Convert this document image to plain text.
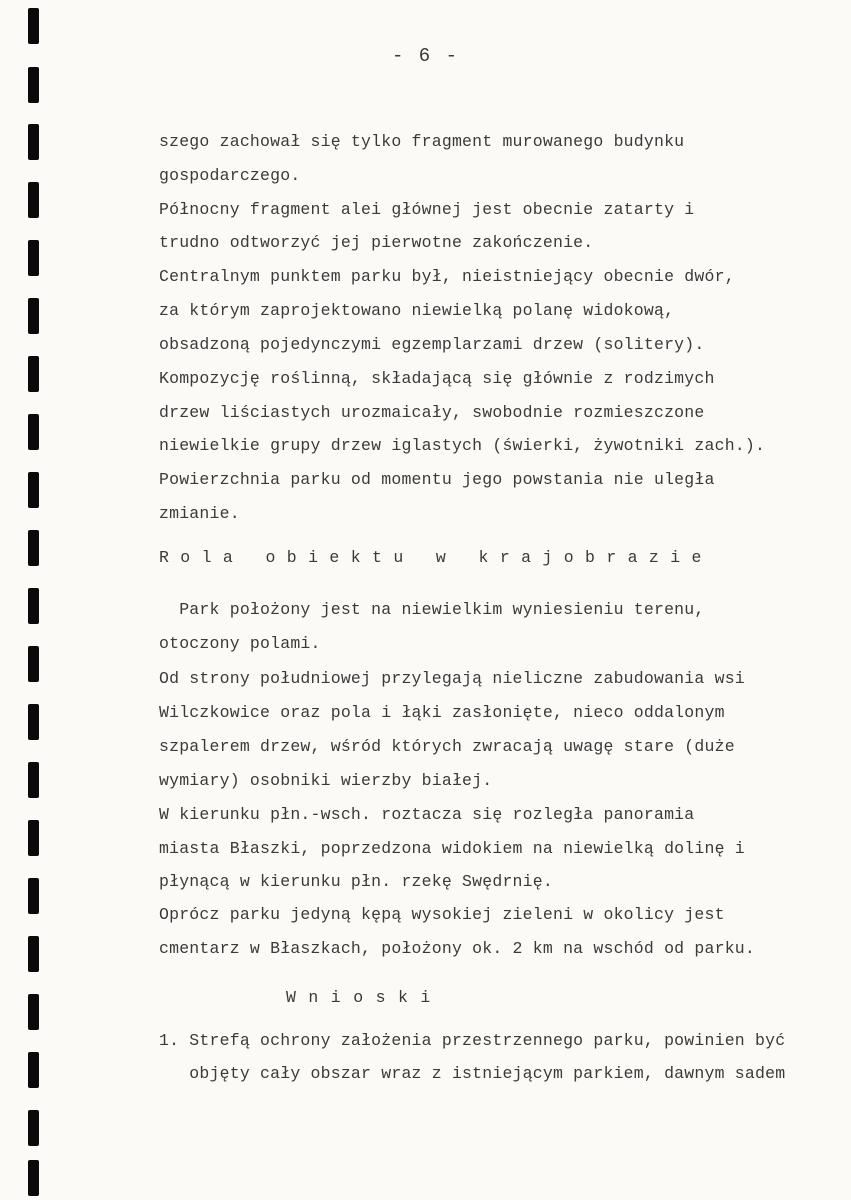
- 6 -
szego zachował się tylko fragment murowanego budynku
gospodarczego.
Północny fragment alei głównej jest obecnie zatarty i
trudno odtworzyć jej pierwotne zakończenie.
Centralnym punktem parku był, nieistniejący obecnie dwór,
za którym zaprojektowano niewielką polanę widokową,
obsadzoną pojedynczymi egzemplarzami drzew (solitery).
Kompozycję roślinną, składającą się głównie z rodzimych
drzew liściastych urozmaicały, swobodnie rozmieszczone
niewielkie grupy drzew iglastych (świerki, żywotniki zach.).
Powierzchnia parku od momentu jego powstania nie uległa
zmianie.
Rola obiektu w krajobrazie
Park położony jest na niewielkim wyniesieniu terenu,
otoczony polami.
Od strony południowej przylegają nieliczne zabudowania wsi
Wilczkowice oraz pola i łąki zasłonięte, nieco oddalonym
szpalerem drzew, wśród których zwracają uwagę stare (duże
wymiary) osobniki wierzby białej.
W kierunku płn.-wsch. roztacza się rozległa panoramia
miasta Błaszki, poprzedzona widokiem na niewielką dolinę i
płynącą w kierunku płn. rzekę Swędrnię.
Oprócz parku jedyną kępą wysokiej zieleni w okolicy jest
cmentarz w Błaszkach, położony ok. 2 km na wschód od parku.
Wnioski
1. Strefą ochrony założenia przestrzennego parku, powinien być
objęty cały obszar wraz z istniejącym parkiem, dawnym sadem
